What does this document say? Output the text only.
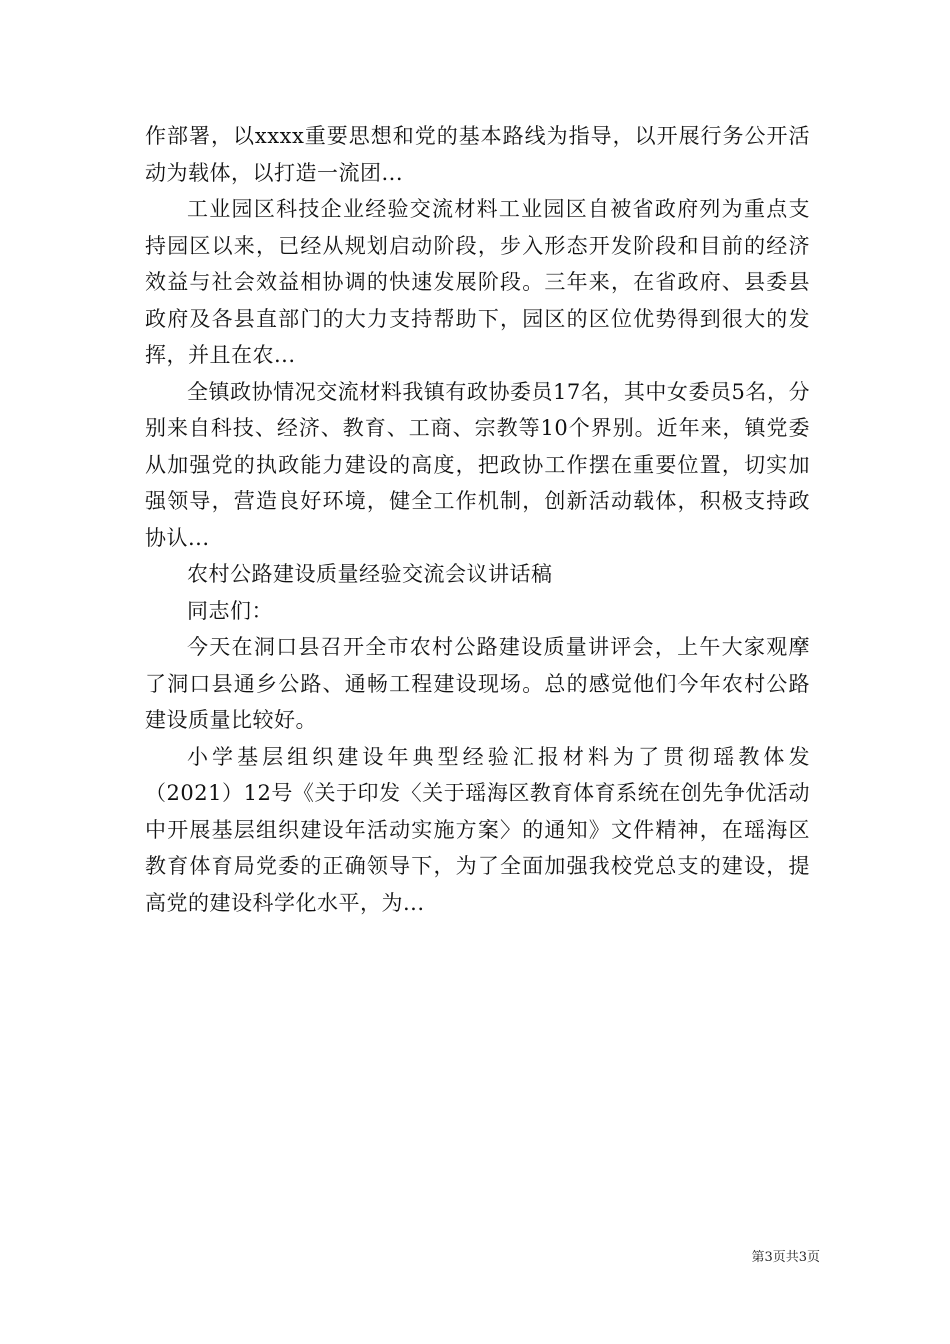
作部署，以xxxx重要思想和党的基本路线为指导，以开展行务公开活动为载体，以打造一流团...

工业园区科技企业经验交流材料工业园区自被省政府列为重点支持园区以来，已经从规划启动阶段，步入形态开发阶段和目前的经济效益与社会效益相协调的快速发展阶段。三年来，在省政府、县委县政府及各县直部门的大力支持帮助下，园区的区位优势得到很大的发挥，并且在农...

全镇政协情况交流材料我镇有政协委员17名，其中女委员5名，分别来自科技、经济、教育、工商、宗教等10个界别。近年来，镇党委从加强党的执政能力建设的高度，把政协工作摆在重要位置，切实加强领导，营造良好环境，健全工作机制，创新活动载体，积极支持政协认...

农村公路建设质量经验交流会议讲话稿

同志们：

今天在洞口县召开全市农村公路建设质量讲评会，上午大家观摩了洞口县通乡公路、通畅工程建设现场。总的感觉他们今年农村公路建设质量比较好。

小学基层组织建设年典型经验汇报材料为了贯彻瑶教体发（2021）12号《关于印发〈关于瑶海区教育体育系统在创先争优活动中开展基层组织建设年活动实施方案〉的通知》文件精神，在瑶海区教育体育局党委的正确领导下，为了全面加强我校党总支的建设，提高党的建设科学化水平，为...

第3页共3页
